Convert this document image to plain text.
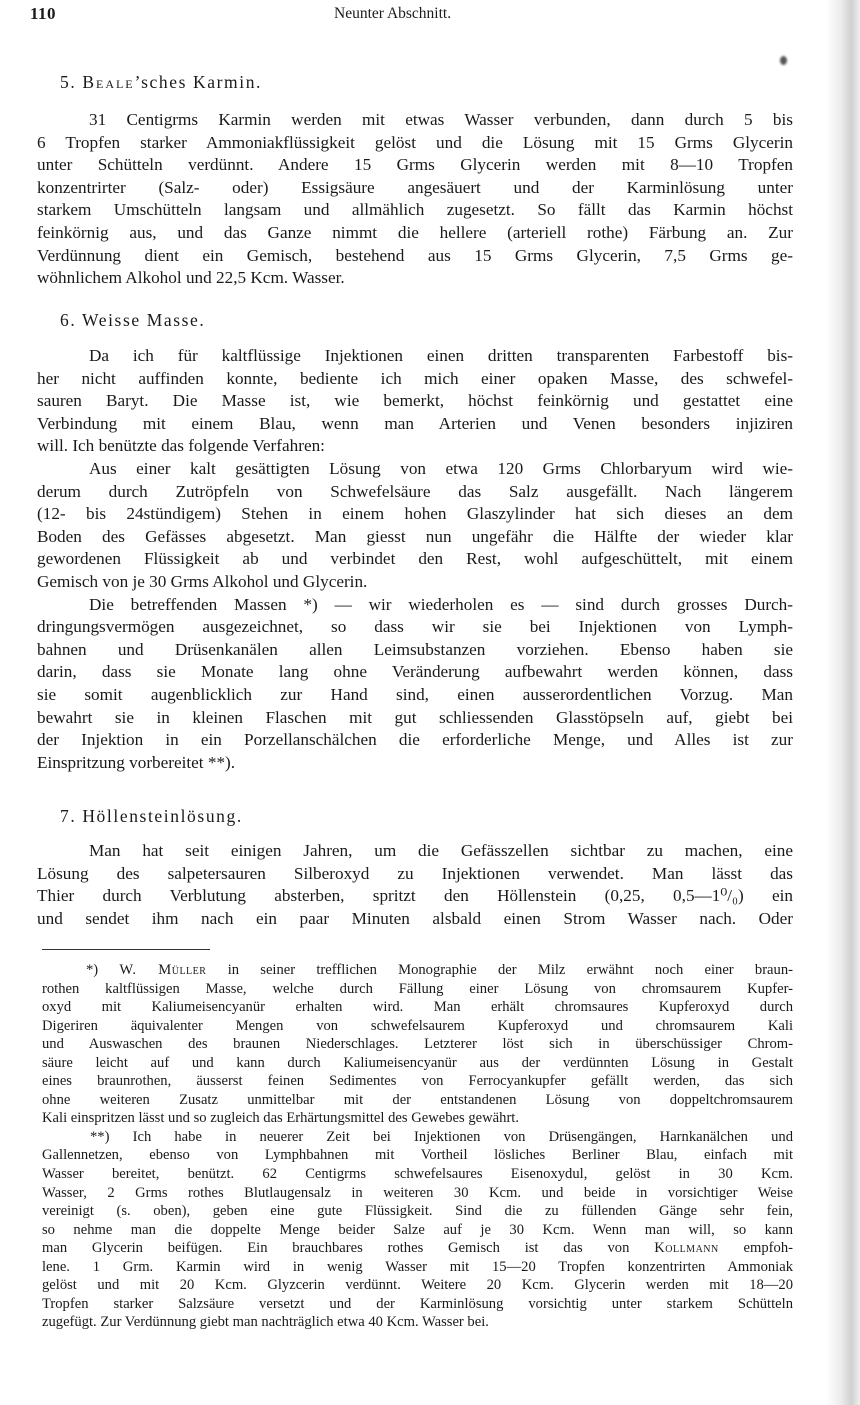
110	Neunter Abschnitt.
5. Beale’sches Karmin.
31 Centigrms Karmin werden mit etwas Wasser verbunden, dann durch 5 bis
6 Tropfen starker Ammoniakflüssigkeit gelöst und die Lösung mit 15 Grms Glycerin
unter Schütteln verdünnt. Andere 15 Grms Glycerin werden mit 8—10 Tropfen
konzentrirter (Salz- oder) Essigsäure angesäuert und der Karminlösung unter
starkem Umschütteln langsam und allmählich zugesetzt. So fällt das Karmin höchst
feinkörnig aus, und das Ganze nimmt die hellere (arteriell rothe) Färbung an. Zur
Verdünnung dient ein Gemisch, bestehend aus 15 Grms Glycerin, 7,5 Grms ge-
wöhnlichem Alkohol und 22,5 Kcm. Wasser.
6. Weisse Masse.
Da ich für kaltflüssige Injektionen einen dritten transparenten Farbestoff bis-
her nicht auffinden konnte, bediente ich mich einer opaken Masse, des schwefel-
sauren Baryt. Die Masse ist, wie bemerkt, höchst feinkörnig und gestattet eine
Verbindung mit einem Blau, wenn man Arterien und Venen besonders injiziren
will. Ich benützte das folgende Verfahren:
Aus einer kalt gesättigten Lösung von etwa 120 Grms Chlorbaryum wird wie-
derum durch Zutröpfeln von Schwefelsäure das Salz ausgefällt. Nach längerem
(12- bis 24stündigem) Stehen in einem hohen Glaszylinder hat sich dieses an dem
Boden des Gefässes abgesetzt. Man giesst nun ungefähr die Hälfte der wieder klar
gewordenen Flüssigkeit ab und verbindet den Rest, wohl aufgeschüttelt, mit einem
Gemisch von je 30 Grms Alkohol und Glycerin.
Die betreffenden Massen *) — wir wiederholen es — sind durch grosses Durch-
dringungsvermögen ausgezeichnet, so dass wir sie bei Injektionen von Lymph-
bahnen und Drüsenkanälen allen Leimsubstanzen vorziehen. Ebenso haben sie
darin, dass sie Monate lang ohne Veränderung aufbewahrt werden können, dass
sie somit augenblicklich zur Hand sind, einen ausserordentlichen Vorzug. Man
bewahrt sie in kleinen Flaschen mit gut schliessenden Glasstöpseln auf, giebt bei
der Injektion in ein Porzellanschälchen die erforderliche Menge, und Alles ist zur
Einspritzung vorbereitet **).
7. Höllensteinlösung.
Man hat seit einigen Jahren, um die Gefässzellen sichtbar zu machen, eine
Lösung des salpetersauren Silberoxyd zu Injektionen verwendet. Man lässt das
Thier durch Verblutung absterben, spritzt den Höllenstein (0,25, 0,5—1⁰/₀) ein
und sendet ihm nach ein paar Minuten alsbald einen Strom Wasser nach. Oder
*) W. Müller in seiner trefflichen Monographie der Milz erwähnt noch einer braun-
rothen kaltflüssigen Masse, welche durch Fällung einer Lösung von chromsaurem Kupfer-
oxyd mit Kaliumeisencyanür erhalten wird. Man erhält chromsaures Kupferoxyd durch
Digeriren äquivalenter Mengen von schwefelsaurem Kupferoxyd und chromsaurem Kali
und Auswaschen des braunen Niederschlages. Letzterer löst sich in überschüssiger Chrom-
säure leicht auf und kann durch Kaliumeisencyanür aus der verdünnten Lösung in Gestalt
eines braunrothen, äusserst feinen Sedimentes von Ferrocyankupfer gefällt werden, das sich
ohne weiteren Zusatz unmittelbar mit der entstandenen Lösung von doppeltchromsaurem
Kali einspritzen lässt und so zugleich das Erhärtungsmittel des Gewebes gewährt.
**) Ich habe in neuerer Zeit bei Injektionen von Drüsengängen, Harnkanälchen und
Gallennetzen, ebenso von Lymphbahnen mit Vortheil lösliches Berliner Blau, einfach mit
Wasser bereitet, benützt. 62 Centigrms schwefelsaures Eisenoxydul, gelöst in 30 Kcm.
Wasser, 2 Grms rothes Blutlaugensalz in weiteren 30 Kcm. und beide in vorsichtiger Weise
vereinigt (s. oben), geben eine gute Flüssigkeit. Sind die zu füllenden Gänge sehr fein,
so nehme man die doppelte Menge beider Salze auf je 30 Kcm. Wenn man will, so kann
man Glycerin beifügen. Ein brauchbares rothes Gemisch ist das von Kollmann empfoh-
lene. 1 Grm. Karmin wird in wenig Wasser mit 15—20 Tropfen konzentrirten Ammoniak
gelöst und mit 20 Kcm. Glyzcerin verdünnt. Weitere 20 Kcm. Glycerin werden mit 18—20
Tropfen starker Salzsäure versetzt und der Karminlösung vorsichtig unter starkem Schütteln
zugefügt. Zur Verdünnung giebt man nachträglich etwa 40 Kcm. Wasser bei.
